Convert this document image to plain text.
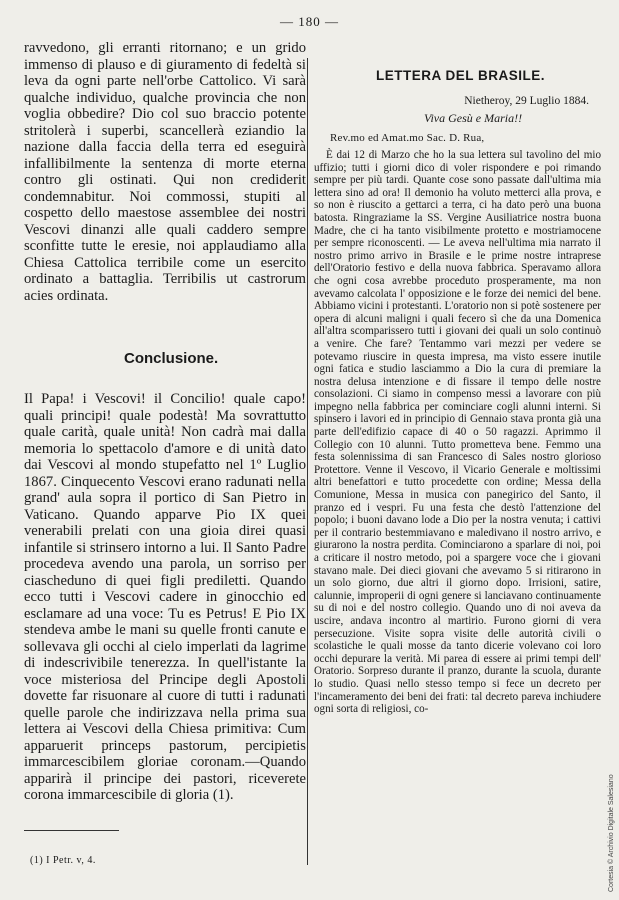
— 180 —

ravvedono, gli erranti ritornano; e un grido immenso di plauso e di giuramento di fedeltà si leva da ogni parte nell'orbe Cattolico. Vi sarà qualche individuo, qualche provincia che non voglia obbedire? Dio col suo braccio potente stritolerà i superbi, scancellerà eziandio la nazione dalla faccia della terra ed eseguirà infallibilmente la sentenza di morte eterna contro gli ostinati. Qui non crediderit condemnabitur. Noi commossi, stupiti al cospetto dello maestose assemblee dei nostri Vescovi dinanzi alle quali caddero sempre sconfitte tutte le eresie, noi applaudiamo alla Chiesa Cattolica terribile come un esercito ordinato a battaglia. Terribilis ut castrorum acies ordinata.

Conclusione.

Il Papa! i Vescovi! il Concilio! quale capo! quali principi! quale podestà! Ma sovrattutto quale carità, quale unità! Non cadrà mai dalla memoria lo spettacolo d'amore e di unità dato dai Vescovi al mondo stupefatto nel 1º Luglio 1867. Cinquecento Vescovi erano radunati nella grand' aula sopra il portico di San Pietro in Vaticano. Quando apparve Pio IX quei venerabili prelati con una gioia direi quasi infantile si strinsero intorno a lui. Il Santo Padre procedeva avendo una parola, un sorriso per ciascheduno di quei figli prediletti. Quando ecco tutti i Vescovi cadere in ginocchio ed esclamare ad una voce: Tu es Petrus! E Pio IX stendeva ambe le mani su quelle fronti canute e sollevava gli occhi al cielo imperlati da lagrime di indescrivibile tenerezza. In quell'istante la voce misteriosa del Principe degli Apostoli dovette far risuonare al cuore di tutti i radunati quelle parole che indirizzava nella prima sua lettera ai Vescovi della Chiesa primitiva: Cum apparuerit princeps pastorum, percipietis immarcescibilem gloriae coronam.—Quando apparirà il principe dei pastori, riceverete corona immarcescibile di gloria (1).

(1) I Petr. v, 4.
LETTERA DEL BRASILE.
Nietheroy, 29 Luglio 1884.
Viva Gesù e Maria!!
Rev.mo ed Amat.mo Sac. D. Rua,

È dai 12 di Marzo che ho la sua lettera sul tavolino del mio uffizio; tutti i giorni dico di voler rispondere e poi rimando sempre per più tardi. Quante cose sono passate dall'ultima mia lettera sino ad ora! Il demonio ha voluto metterci alla prova, e so non è riuscito a gettarci a terra, ci ha dato però una buona batosta. Ringraziame la SS. Vergine Ausiliatrice nostra buona Madre, che ci ha tanto visibilmente protetto e mostriamocene per sempre riconoscenti. — Le aveva nell'ultima mia narrato il nostro primo arrivo in Brasile e le prime nostre intraprese dell'Oratorio festivo e della nuova fabbrica. Speravamo allora che ogni cosa avrebbe proceduto prosperamente, ma non avevamo calcolata l' opposizione e le forze dei nemici del bene. Abbiamo vicini i protestanti. L'oratorio non si potè sostenere per opera di alcuni maligni i quali fecero sì che da una Domenica all'altra scomparissero tutti i giovani dei quali un solo continuò a venire. Che fare? Tentammo vari mezzi per vedere se potevamo riuscire in questa impresa, ma visto essere inutile ogni fatica e studio lasciammo a Dio la cura di premiare la nostra delusa intenzione e di fissare il tempo delle nostre consolazioni. Ci siamo in compenso messi a lavorare con più impegno nella fabbrica per cominciare cogli alunni interni. Si spinsero i lavori ed in principio di Gennaio stava pronta già una parte dell'edifizio capace di 40 o 50 ragazzi. Aprimmo il Collegio con 10 alunni. Tutto prometteva bene. Femmo una festa solennissima di san Francesco di Sales nostro glorioso Protettore. Venne il Vescovo, il Vicario Generale e moltissimi altri benefattori e tutto procedette con ordine; Messa della Comunione, Messa in musica con panegirico del Santo, il pranzo ed i vespri. Fu una festa che destò l'attenzione del popolo; i buoni davano lode a Dio per la nostra venuta; i cattivi per il contrario bestemmiavano e maledivano il nostro arrivo, e giurarono la nostra perdita. Cominciarono a sparlare di noi, poi a criticare il nostro metodo, poi a spargere voce che i giovani stavano male. Dei dieci giovani che avevamo 5 si ritirarono in un solo giorno, due altri il giorno dopo. Irrisioni, satire, calunnie, improperii di ogni genere si lanciavano continuamente su di noi e del nostro collegio. Quando uno di noi aveva da uscire, andava incontro al martirio. Furono giorni di vera persecuzione. Visite sopra visite delle autorità civili o scolastiche le quali mosse da tanto dicerie volevano coi loro occhi depurare la verità. Mi parea di essere ai primi tempi dell' Oratorio. Sorpreso durante il pranzo, durante la scuola, durante lo studio. Quasi nello stesso tempo si fece un decreto per l'incameramento dei beni dei frati: tal decreto pareva inchiudere ogni sorta di religiosi, co-

Cortesia © Archivio Digitale Salesiano
